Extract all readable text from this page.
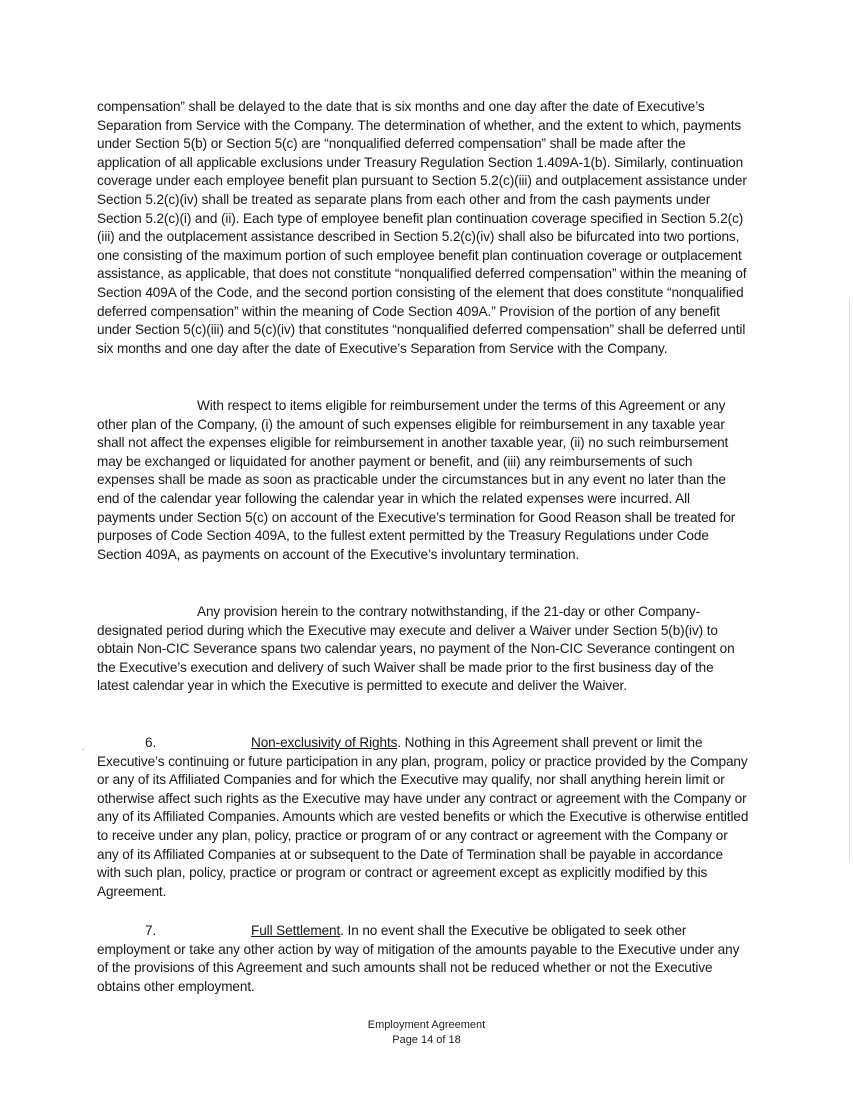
compensation” shall be delayed to the date that is six months and one day after the date of Executive’s Separation from Service with the Company. The determination of whether, and the extent to which, payments under Section 5(b) or Section 5(c) are “nonqualified deferred compensation” shall be made after the application of all applicable exclusions under Treasury Regulation Section 1.409A-1(b). Similarly, continuation coverage under each employee benefit plan pursuant to Section 5.2(c)(iii) and outplacement assistance under Section 5.2(c)(iv) shall be treated as separate plans from each other and from the cash payments under Section 5.2(c)(i) and (ii). Each type of employee benefit plan continuation coverage specified in Section 5.2(c)(iii) and the outplacement assistance described in Section 5.2(c)(iv) shall also be bifurcated into two portions, one consisting of the maximum portion of such employee benefit plan continuation coverage or outplacement assistance, as applicable, that does not constitute “nonqualified deferred compensation” within the meaning of Section 409A of the Code, and the second portion consisting of the element that does constitute “nonqualified deferred compensation” within the meaning of Code Section 409A.” Provision of the portion of any benefit under Section 5(c)(iii) and 5(c)(iv) that constitutes “nonqualified deferred compensation” shall be deferred until six months and one day after the date of Executive’s Separation from Service with the Company.

With respect to items eligible for reimbursement under the terms of this Agreement or any other plan of the Company, (i) the amount of such expenses eligible for reimbursement in any taxable year shall not affect the expenses eligible for reimbursement in another taxable year, (ii) no such reimbursement may be exchanged or liquidated for another payment or benefit, and (iii) any reimbursements of such expenses shall be made as soon as practicable under the circumstances but in any event no later than the end of the calendar year following the calendar year in which the related expenses were incurred. All payments under Section 5(c) on account of the Executive’s termination for Good Reason shall be treated for purposes of Code Section 409A, to the fullest extent permitted by the Treasury Regulations under Code Section 409A, as payments on account of the Executive’s involuntary termination.

Any provision herein to the contrary notwithstanding, if the 21-day or other Company-designated period during which the Executive may execute and deliver a Waiver under Section 5(b)(iv) to obtain Non-CIC Severance spans two calendar years, no payment of the Non-CIC Severance contingent on the Executive’s execution and delivery of such Waiver shall be made prior to the first business day of the latest calendar year in which the Executive is permitted to execute and deliver the Waiver.

6.	Non-exclusivity of Rights. Nothing in this Agreement shall prevent or limit the Executive’s continuing or future participation in any plan, program, policy or practice provided by the Company or any of its Affiliated Companies and for which the Executive may qualify, nor shall anything herein limit or otherwise affect such rights as the Executive may have under any contract or agreement with the Company or any of its Affiliated Companies. Amounts which are vested benefits or which the Executive is otherwise entitled to receive under any plan, policy, practice or program of or any contract or agreement with the Company or any of its Affiliated Companies at or subsequent to the Date of Termination shall be payable in accordance with such plan, policy, practice or program or contract or agreement except as explicitly modified by this Agreement.

7.	Full Settlement. In no event shall the Executive be obligated to seek other employment or take any other action by way of mitigation of the amounts payable to the Executive under any of the provisions of this Agreement and such amounts shall not be reduced whether or not the Executive obtains other employment.

Employment Agreement
Page 14 of 18
